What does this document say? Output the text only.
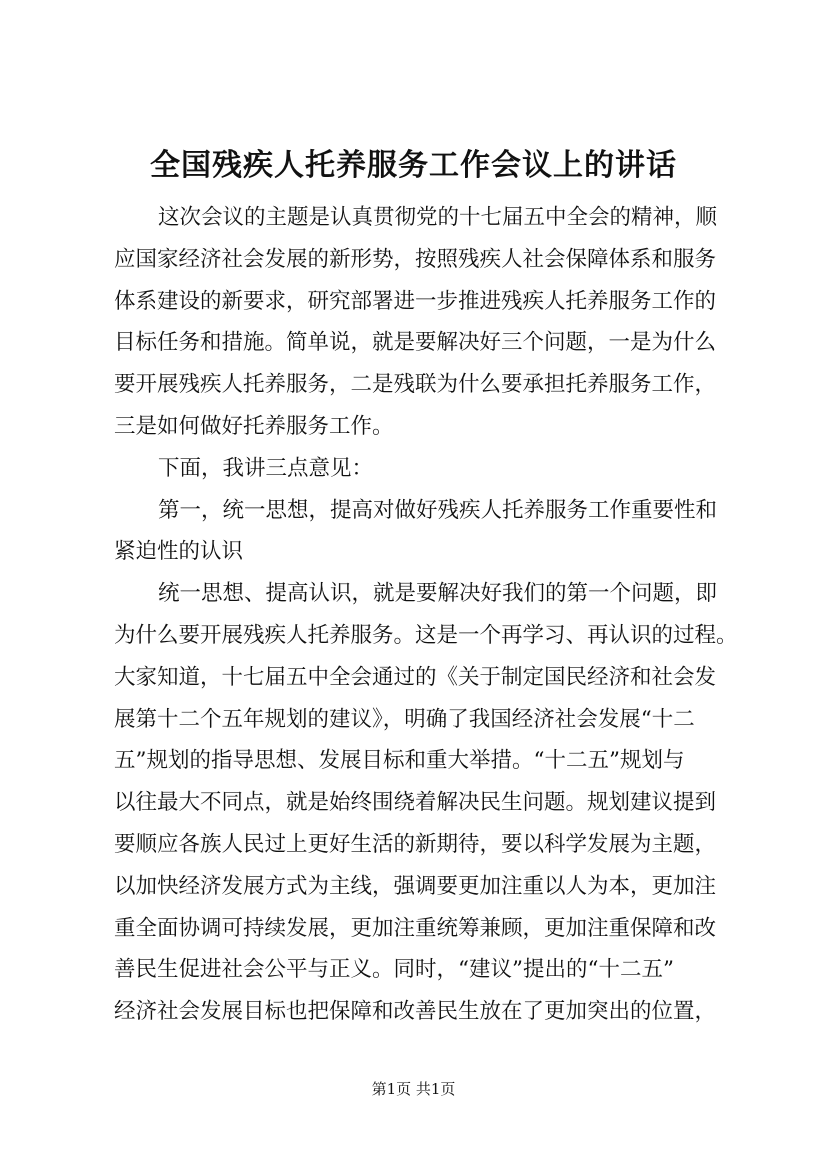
全国残疾人托养服务工作会议上的讲话

这次会议的主题是认真贯彻党的十七届五中全会的精神，顺
应国家经济社会发展的新形势，按照残疾人社会保障体系和服务
体系建设的新要求，研究部署进一步推进残疾人托养服务工作的
目标任务和措施。简单说，就是要解决好三个问题，一是为什么
要开展残疾人托养服务，二是残联为什么要承担托养服务工作，
三是如何做好托养服务工作。

下面，我讲三点意见：

第一，统一思想，提高对做好残疾人托养服务工作重要性和
紧迫性的认识

统一思想、提高认识，就是要解决好我们的第一个问题，即
为什么要开展残疾人托养服务。这是一个再学习、再认识的过程。
大家知道，十七届五中全会通过的《关于制定国民经济和社会发
展第十二个五年规划的建议》，明确了我国经济社会发展“十二
五”规划的指导思想、发展目标和重大举措。“十二五”规划与
以往最大不同点，就是始终围绕着解决民生问题。规划建议提到
要顺应各族人民过上更好生活的新期待，要以科学发展为主题，
以加快经济发展方式为主线，强调要更加注重以人为本，更加注
重全面协调可持续发展，更加注重统筹兼顾，更加注重保障和改
善民生促进社会公平与正义。同时，“建议”提出的“十二五”
经济社会发展目标也把保障和改善民生放在了更加突出的位置，

第1页 共1页
